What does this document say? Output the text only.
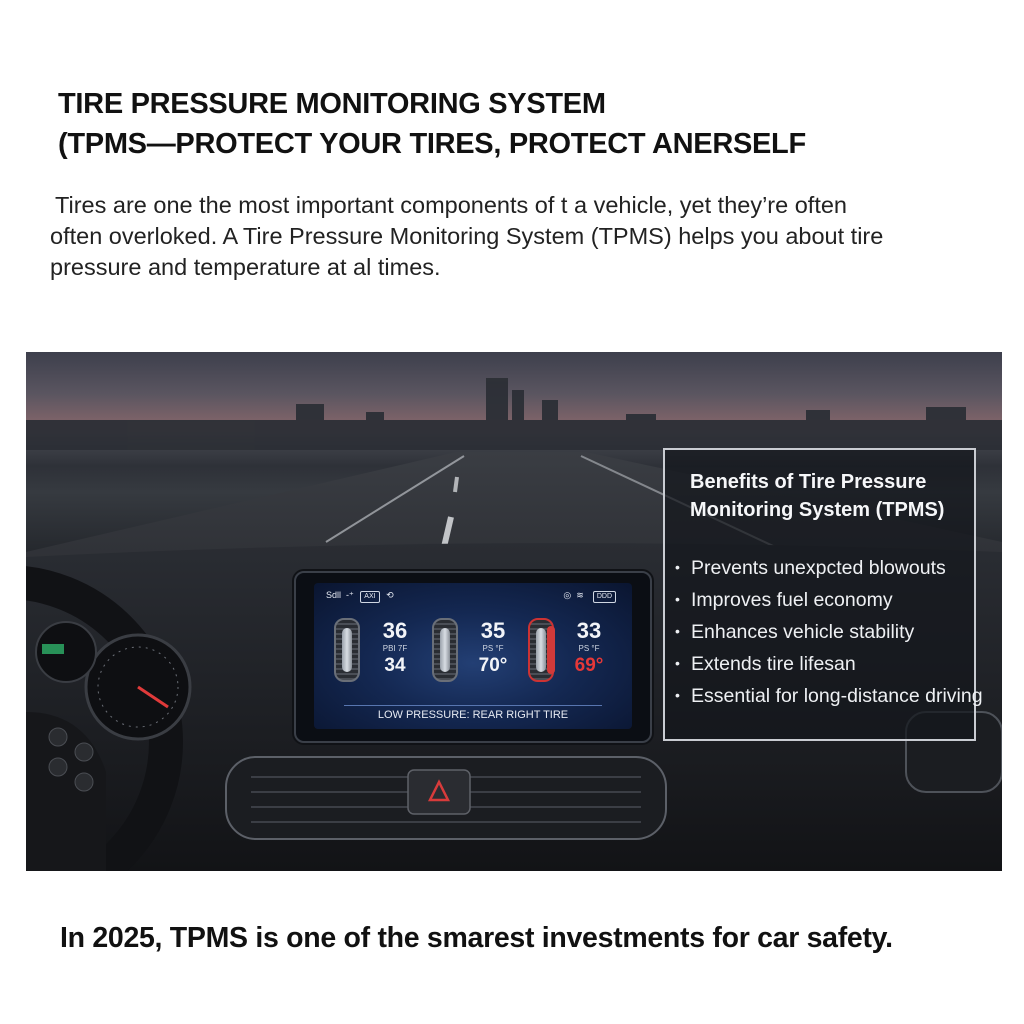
TIRE PRESSURE MONITORING SYSTEM
(TPMS—PROTECT YOUR TIRES, PROTECT ANERSELF
Tires are one the most important components of t a vehicle, yet they’re often
often overloked. A Tire Pressure Monitoring System (TPMS) helps you about tire
pressure and temperature at al times.
Sdll  -⁺ AXI ⟲	◎  ≋  DDD
36
PBI 7F
34
35
PS °F
70°
33
PS °F
69°
LOW PRESSURE: REAR RIGHT TIRE
Benefits of Tire Pressure
Monitoring System (TPMS)
• Prevents unexpcted blowouts
• Improves fuel economy
• Enhances vehicle stability
• Extends tire lifesan
• Essential for long-distance driving
In 2025, TPMS is one of the smarest investments for car safety.
